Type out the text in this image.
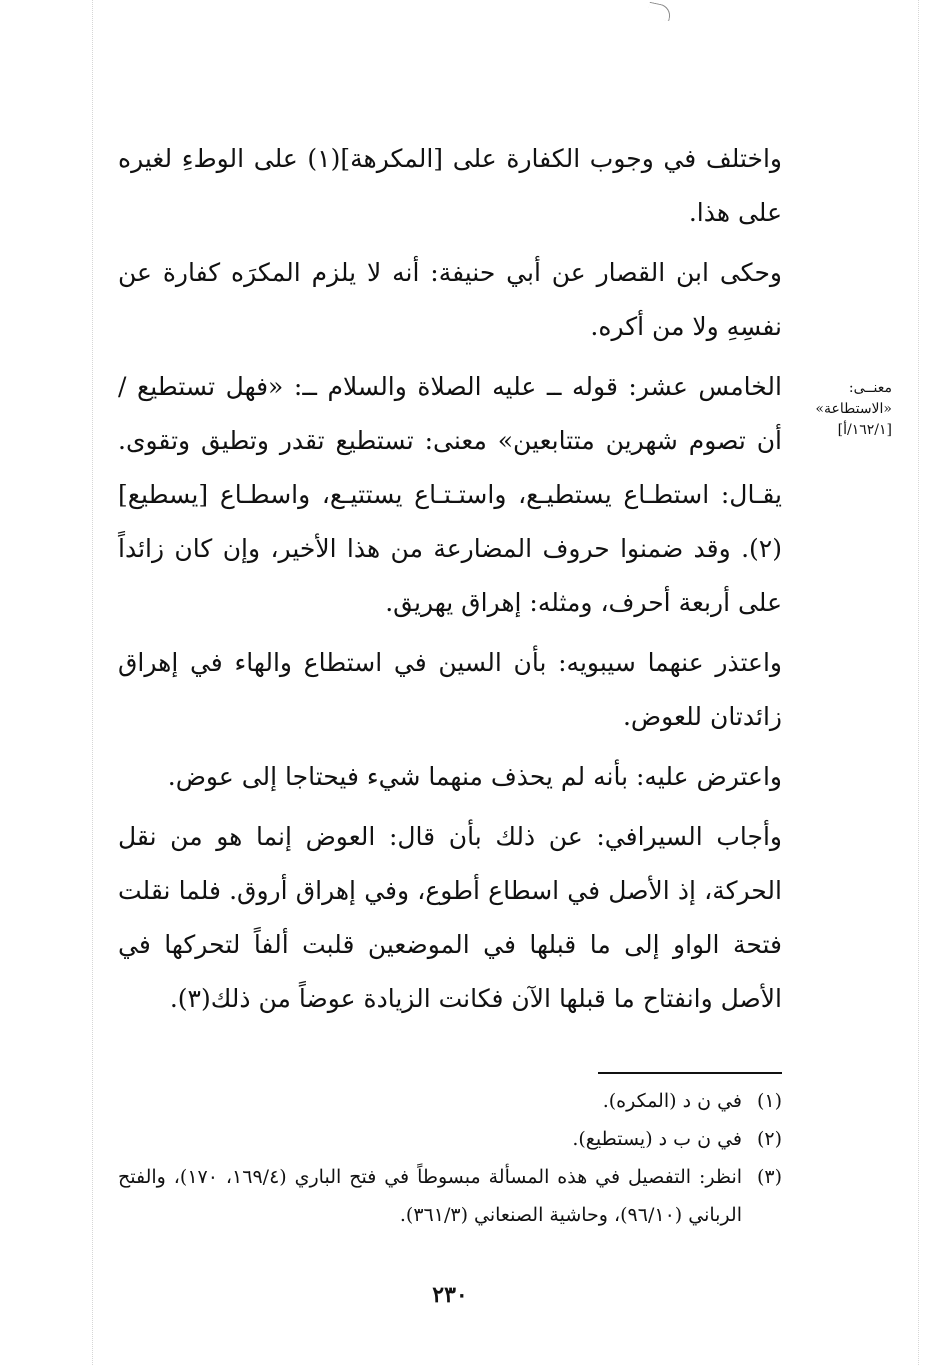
معنــى:
«الاستطاعة»
[١٦٢/١/أ]

واختلف في وجوب الكفارة على [المكرهة](١) على الوطءِ لغيره على هذا.

وحكى ابن القصار عن أبي حنيفة: أنه لا يلزم المكرَه كفارة عن نفسِهِ ولا من أكره.

الخامس عشر: قوله ــ عليه الصلاة والسلام ــ: «فهل تستطيع / أن تصوم شهرين متتابعين» معنى: تستطيع تقدر وتطيق وتقوى. يقـال: استطـاع يستطيـع، واستـتـاع يستتيـع، واسطـاع [يسطيع](٢). وقد ضمنوا حروف المضارعة من هذا الأخير، وإن كان زائداً على أربعة أحرف، ومثله: إهراق يهريق.

واعتذر عنهما سيبويه: بأن السين في استطاع والهاء في إهراق زائدتان للعوض.

واعترض عليه: بأنه لم يحذف منهما شيء فيحتاجا إلى عوض.

وأجاب السيرافي: عن ذلك بأن قال: العوض إنما هو من نقل الحركة، إذ الأصل في اسطاع أطوع، وفي إهراق أروق. فلما نقلت فتحة الواو إلى ما قبلها في الموضعين قلبت ألفاً لتحركها في الأصل وانفتاح ما قبلها الآن فكانت الزيادة عوضاً من ذلك(٣).

(١)
في ن د (المكره).
(٢)
في ن ب د (يستطيع).
(٣)
انظر: التفصيل في هذه المسألة مبسوطاً في فتح الباري (١٦٩/٤، ١٧٠)، والفتح الرباني (٩٦/١٠)، وحاشية الصنعاني (٣٦١/٣).
٢٣٠
